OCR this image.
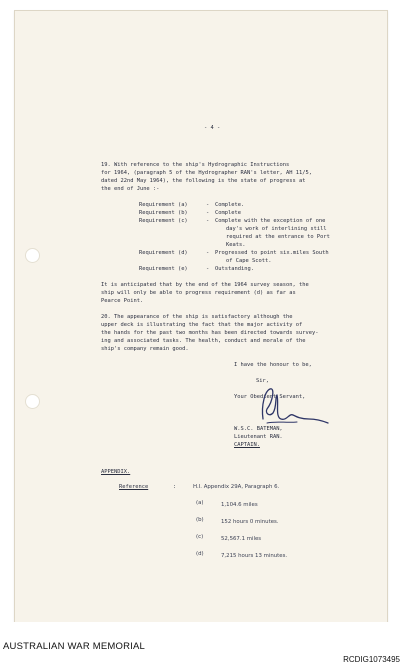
- 4 -
19. With reference to the ship's Hydrographic Instructions
for 1964, (paragraph 5 of the Hydrographer RAN's letter, AH 11/5,
dated 22nd May 1964), the following is the state of progress at
the end of June :-
Requirement (a)	- Complete.
Requirement (b)	- Complete
Requirement (c)	- Complete with the exception of one
day's work of interlining still
required at the entrance to Port
Keats.
Requirement (d)	- Progressed to point six.miles South
of Cape Scott.
Requirement (e)	- Outstanding.
It is anticipated that by the end of the 1964 survey season, the
ship will only be able to progress requirement (d) as far as
Pearce Point.
20. The appearance of the ship is satisfactory although the
upper deck is illustrating the fact that the major activity of
the hands for the past two months has been directed towards survey-
ing and associated tasks. The health, conduct and morale of the
ship's company remain good.
I have the honour to be,
Sir,
Your Obedient Servant,
W.S.C. BATEMAN,
Lieutenant RAN.
CAPTAIN.
APPENDIX.
Reference	:	H.I. Appendix 29A, Paragraph 6.
(a)	1,104.6 miles
(b)	152 hours 0 minutes.
(c)	52,567.1 miles
(d)	7,215 hours 13 minutes.
AUSTRALIAN WAR MEMORIAL
RCDIG1073495
